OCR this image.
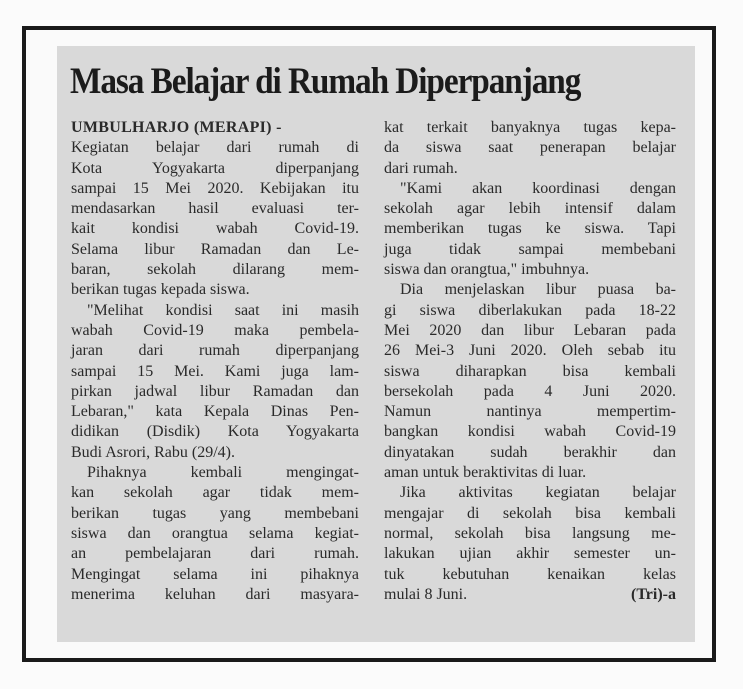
Masa Belajar di Rumah Diperpanjang
UMBULHARJO (MERAPI) -
Kegiatan belajar dari rumah di
Kota Yogyakarta diperpanjang
sampai 15 Mei 2020. Kebijakan itu
mendasarkan hasil evaluasi ter-
kait kondisi wabah Covid-19.
Selama libur Ramadan dan Le-
baran, sekolah dilarang mem-
berikan tugas kepada siswa.
"Melihat kondisi saat ini masih
wabah Covid-19 maka pembela-
jaran dari rumah diperpanjang
sampai 15 Mei. Kami juga lam-
pirkan jadwal libur Ramadan dan
Lebaran," kata Kepala Dinas Pen-
didikan (Disdik) Kota Yogyakarta
Budi Asrori, Rabu (29/4).
Pihaknya kembali mengingat-
kan sekolah agar tidak mem-
berikan tugas yang membebani
siswa dan orangtua selama kegiat-
an pembelajaran dari rumah.
Mengingat selama ini pihaknya
menerima keluhan dari masyara-
kat terkait banyaknya tugas kepa-
da siswa saat penerapan belajar
dari rumah.
"Kami akan koordinasi dengan
sekolah agar lebih intensif dalam
memberikan tugas ke siswa. Tapi
juga tidak sampai membebani
siswa dan orangtua," imbuhnya.
Dia menjelaskan libur puasa ba-
gi siswa diberlakukan pada 18-22
Mei 2020 dan libur Lebaran pada
26 Mei-3 Juni 2020. Oleh sebab itu
siswa diharapkan bisa kembali
bersekolah pada 4 Juni 2020.
Namun nantinya mempertim-
bangkan kondisi wabah Covid-19
dinyatakan sudah berakhir dan
aman untuk beraktivitas di luar.
Jika aktivitas kegiatan belajar
mengajar di sekolah bisa kembali
normal, sekolah bisa langsung me-
lakukan ujian akhir semester un-
tuk kebutuhan kenaikan kelas
mulai 8 Juni.	(Tri)-a
